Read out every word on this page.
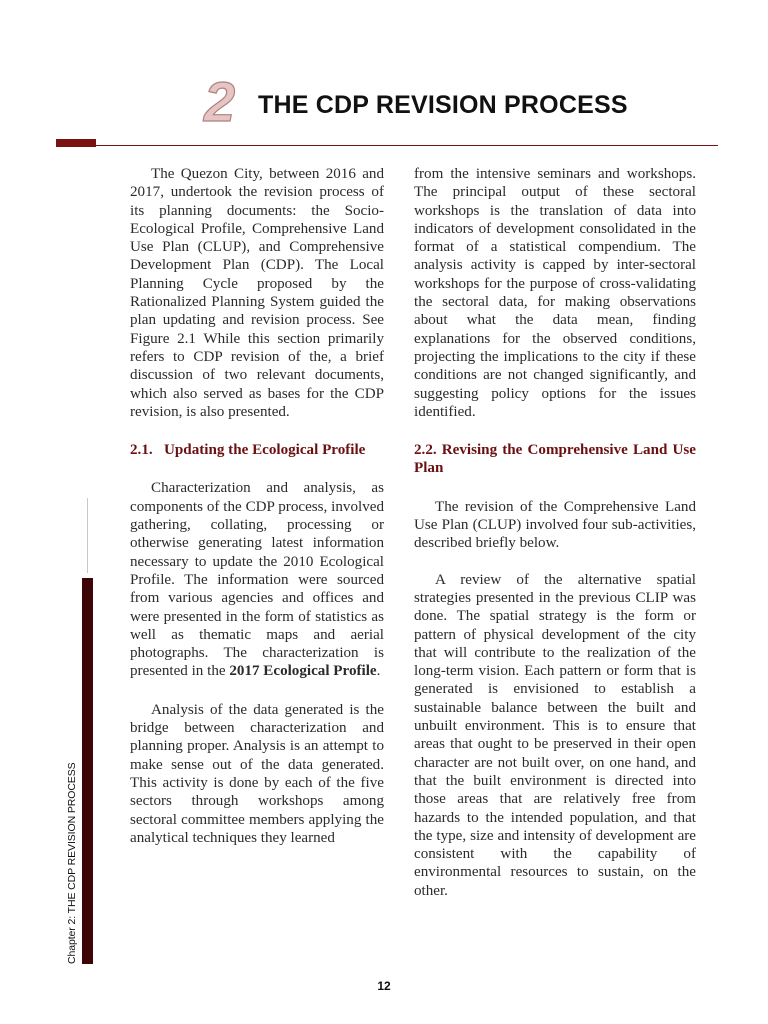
2 THE CDP REVISION PROCESS
Chapter 2: THE CDP REVISION PROCESS

The Quezon City, between 2016 and 2017, undertook the revision process of its planning documents: the Socio-Ecological Profile, Comprehensive Land Use Plan (CLUP), and Comprehensive Development Plan (CDP). The Local Planning Cycle proposed by the Rationalized Planning System guided the plan updating and revision process. See Figure 2.1 While this section primarily refers to CDP revision of the, a brief discussion of two relevant documents, which also served as bases for the CDP revision, is also presented.

2.1. Updating the Ecological Profile

Characterization and analysis, as components of the CDP process, involved gathering, collating, processing or otherwise generating latest information necessary to update the 2010 Ecological Profile. The information were sourced from various agencies and offices and were presented in the form of statistics as well as thematic maps and aerial photographs. The characterization is presented in the 2017 Ecological Profile.

Analysis of the data generated is the bridge between characterization and planning proper. Analysis is an attempt to make sense out of the data generated. This activity is done by each of the five sectors through workshops among sectoral committee members applying the analytical techniques they learned

from the intensive seminars and workshops. The principal output of these sectoral workshops is the translation of data into indicators of development consolidated in the format of a statistical compendium. The analysis activity is capped by inter-sectoral workshops for the purpose of cross-validating the sectoral data, for making observations about what the data mean, finding explanations for the observed conditions, projecting the implications to the city if these conditions are not changed significantly, and suggesting policy options for the issues identified.

2.2. Revising the Comprehensive Land Use Plan

The revision of the Comprehensive Land Use Plan (CLUP) involved four sub-activities, described briefly below.

A review of the alternative spatial strategies presented in the previous CLIP was done. The spatial strategy is the form or pattern of physical development of the city that will contribute to the realization of the long-term vision. Each pattern or form that is generated is envisioned to establish a sustainable balance between the built and unbuilt environment. This is to ensure that areas that ought to be preserved in their open character are not built over, on one hand, and that the built environment is directed into those areas that are relatively free from hazards to the intended population, and that the type, size and intensity of development are consistent with the capability of environmental resources to sustain, on the other.

12
